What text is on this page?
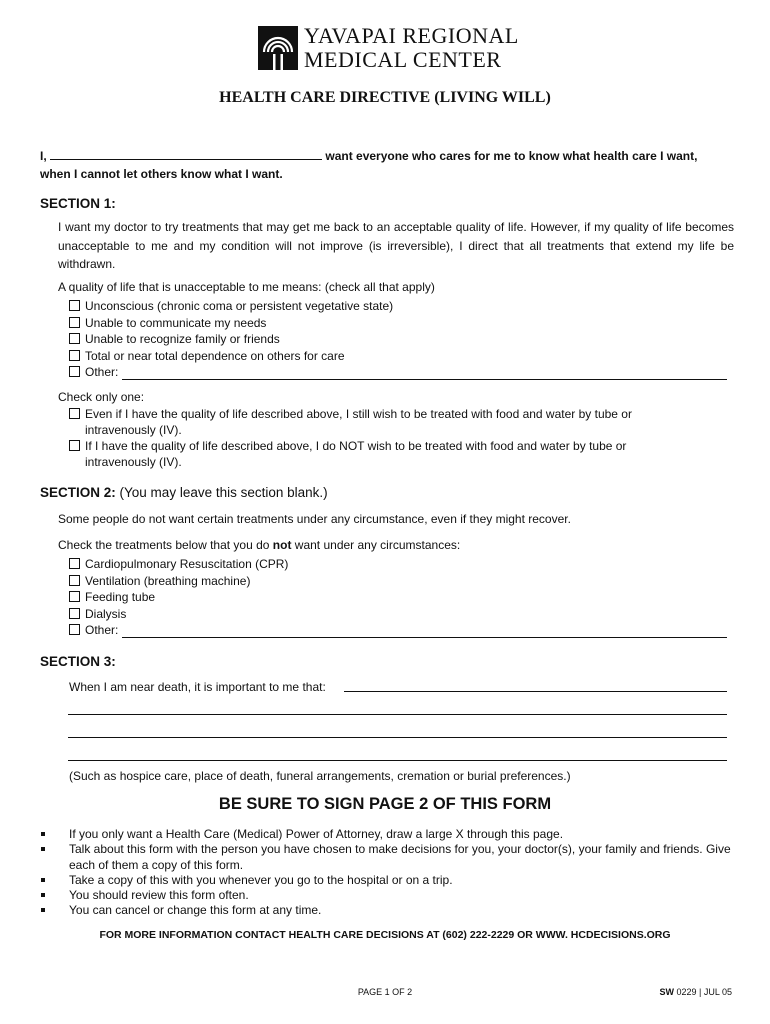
YAVAPAI REGIONAL
MEDICAL CENTER
HEALTH CARE DIRECTIVE (LIVING WILL)
I,	want everyone who cares for me to know what health care I want,
when I cannot let others know what I want.
SECTION 1:
I want my doctor to try treatments that may get me back to an acceptable quality of life. However, if my quality of life becomes unacceptable to me and my condition will not improve (is irreversible), I direct that all treatments that extend my life be withdrawn.
A quality of life that is unacceptable to me means: (check all that apply)
Unconscious (chronic coma or persistent vegetative state)
Unable to communicate my needs
Unable to recognize family or friends
Total or near total dependence on others for care
Other:
Check only one:
Even if I have the quality of life described above, I still wish to be treated with food and water by tube or
intravenously (IV).
If I have the quality of life described above, I do NOT wish to be treated with food and water by tube or
intravenously (IV).
SECTION 2: (You may leave this section blank.)
Some people do not want certain treatments under any circumstance, even if they might recover.
Check the treatments below that you do not want under any circumstances:
Cardiopulmonary Resuscitation (CPR)
Ventilation (breathing machine)
Feeding tube
Dialysis
Other:
SECTION 3:
When I am near death, it is important to me that:
(Such as hospice care, place of death, funeral arrangements, cremation or burial preferences.)
BE SURE TO SIGN PAGE 2 OF THIS FORM
If you only want a Health Care (Medical) Power of Attorney, draw a large X through this page.
Talk about this form with the person you have chosen to make decisions for you, your doctor(s), your family and friends. Give each of them a copy of this form.
Take a copy of this with you whenever you go to the hospital or on a trip.
You should review this form often.
You can cancel or change this form at any time.
FOR MORE INFORMATION CONTACT HEALTH CARE DECISIONS AT (602) 222-2229 OR WWW. HCDECISIONS.ORG
PAGE 1 OF 2	SW 0229 | JUL 05
